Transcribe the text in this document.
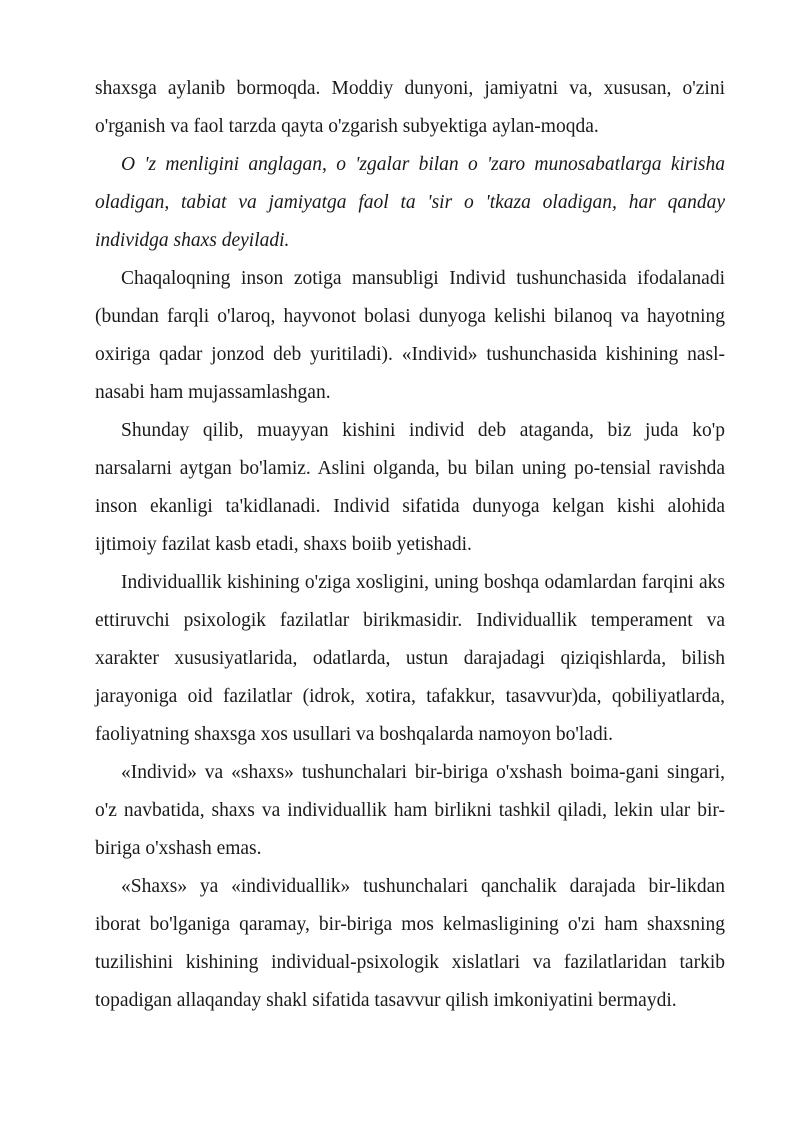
shaxsga aylanib bormoqda. Moddiy dunyoni, jamiyatni va, xususan, o'zini o'rganish va faol tarzda qayta o'zgarish subyektiga aylan-moqda.

O 'z menligini anglagan, o 'zgalar bilan o 'zaro munosabatlarga kirisha oladigan, tabiat va jamiyatga faol ta 'sir o 'tkaza oladigan, har qanday individga shaxs deyiladi.

Chaqaloqning inson zotiga mansubligi Individ tushunchasida ifodalanadi (bundan farqli o'laroq, hayvonot bolasi dunyoga kelishi bilanoq va hayotning oxiriga qadar jonzod deb yuritiladi). «Individ» tushunchasida kishining nasl-nasabi ham mujassamlashgan.

Shunday qilib, muayyan kishini individ deb ataganda, biz juda ko'p narsalarni aytgan bo'lamiz. Aslini olganda, bu bilan uning po-tensial ravishda inson ekanligi ta'kidlanadi. Individ sifatida dunyoga kelgan kishi alohida ijtimoiy fazilat kasb etadi, shaxs boiib yetishadi.

Individuallik kishining o'ziga xosligini, uning boshqa odamlardan farqini aks ettiruvchi psixologik fazilatlar birikmasidir. Individuallik temperament va xarakter xususiyatlarida, odatlarda, ustun darajadagi qiziqishlarda, bilish jarayoniga oid fazilatlar (idrok, xotira, tafakkur, tasavvur)da, qobiliyatlarda, faoliyatning shaxsga xos usullari va boshqalarda namoyon bo'ladi.

«Individ» va «shaxs» tushunchalari bir-biriga o'xshash boima-gani singari, o'z navbatida, shaxs va individuallik ham birlikni tashkil qiladi, lekin ular bir-biriga o'xshash emas.

«Shaxs» ya «individuallik» tushunchalari qanchalik darajada bir-likdan iborat bo'lganiga qaramay, bir-biriga mos kelmasligining o'zi ham shaxsning tuzilishini kishining individual-psixologik xislatlari va fazilatlaridan tarkib topadigan allaqanday shakl sifatida tasavvur qilish imkoniyatini bermaydi.
